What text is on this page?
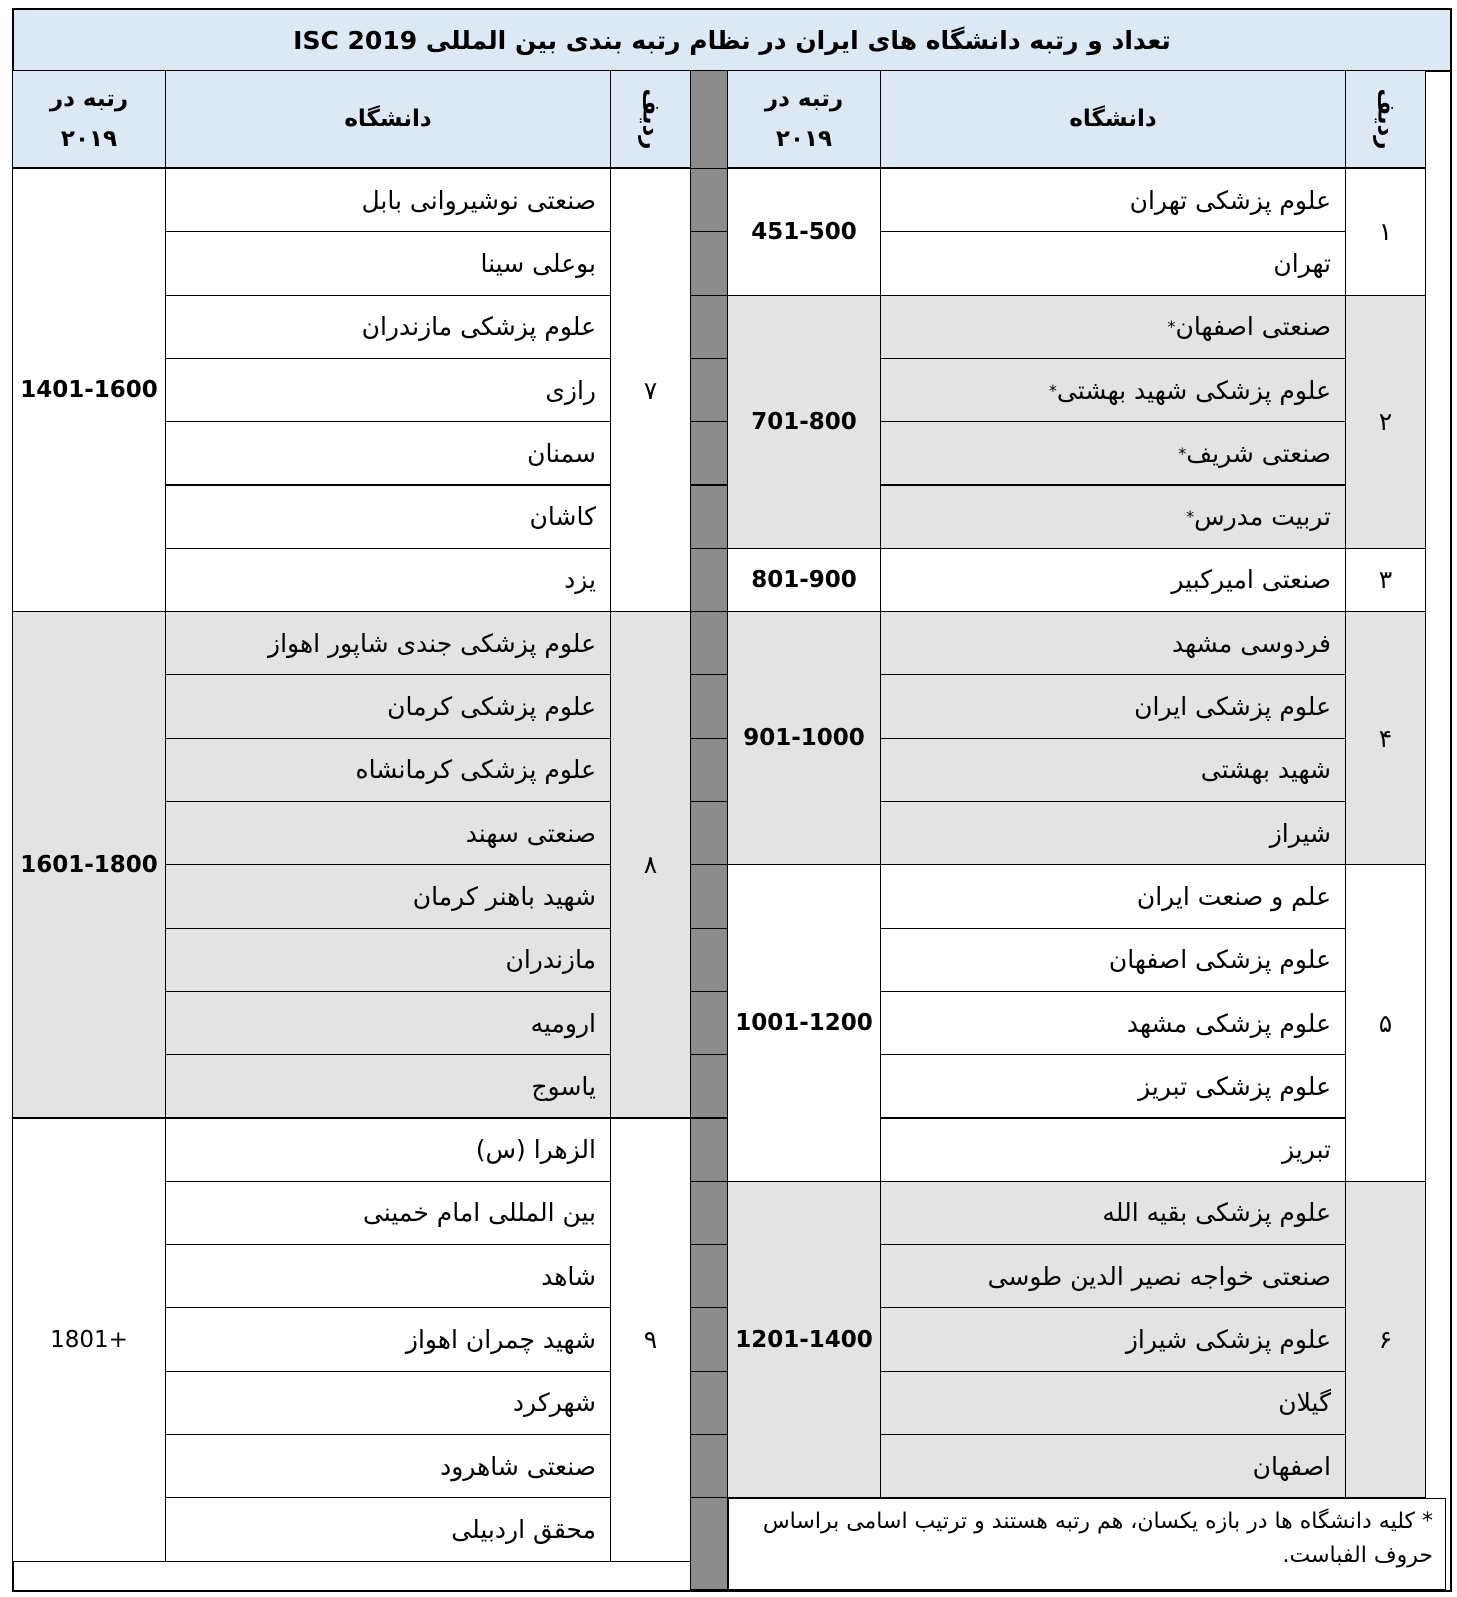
تعداد و رتبه دانشگاه های ایران در نظام رتبه بندی بین المللی ISC 2019
ردیف
دانشگاه
رتبه در
۲۰۱۹
ردیف
دانشگاه
رتبه در
۲۰۱۹
۱
451-500
علوم پزشکی تهران
تهران
۲
701-800
صنعتی اصفهان
*
علوم پزشکی شهید بهشتی
*
صنعتی شریف
*
تربیت مدرس
*
۳
801-900	صنعتی امیرکبیر
۴
901-1000
فردوسی مشهد
علوم پزشکی ایران
شهید بهشتی
شیراز
۵
1001-1200
علم و صنعت ایران
علوم پزشکی اصفهان
علوم پزشکی مشهد
علوم پزشکی تبریز
تبریز
۶
1201-1400
علوم پزشکی بقیه الله
صنعتی خواجه نصیر الدین طوسی
علوم پزشکی شیراز
گیلان
اصفهان
۷
1401-1600
صنعتی نوشیروانی بابل
بوعلی سینا
علوم پزشکی مازندران
رازی
سمنان
کاشان
یزد
۸
1601-1800
علوم پزشکی جندی شاپور اهواز
علوم پزشکی کرمان
علوم پزشکی کرمانشاه
صنعتی سهند
شهید باهنر کرمان
مازندران
ارومیه
یاسوج
۹
1801+
الزهرا (س)
بین المللی امام خمینی
شاهد
شهید چمران اهواز
شهرکرد
صنعتی شاهرود
محقق اردبیلی	* کلیه دانشگاه ها در بازه یکسان، هم رتبه هستند و ترتیب اسامی براساس حروف الفباست.
